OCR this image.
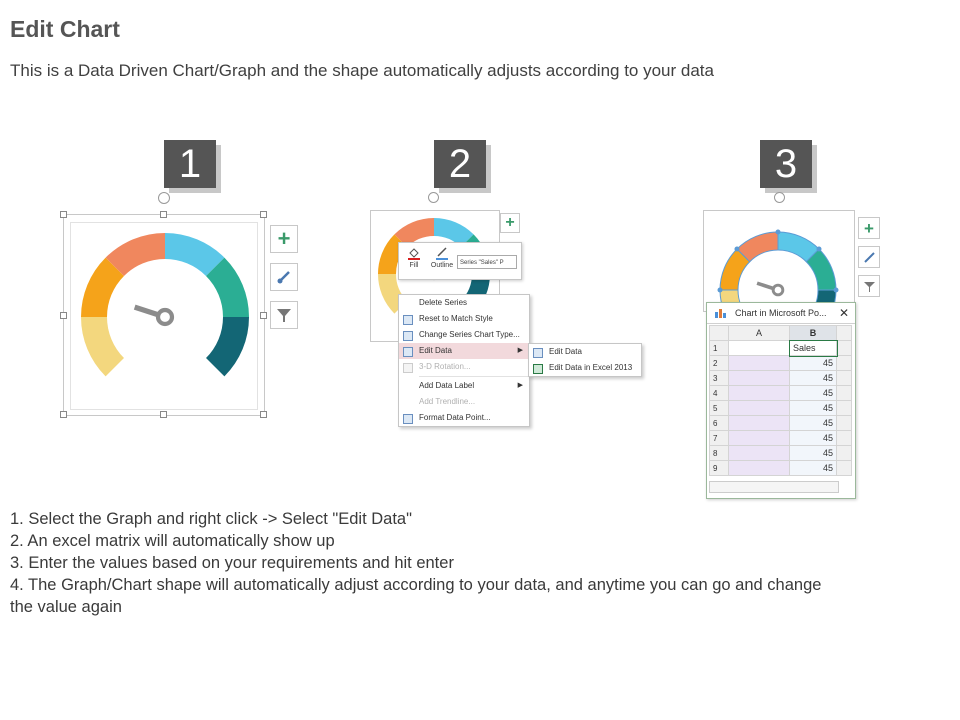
Edit Chart
This is a Data Driven Chart/Graph and the shape automatically adjusts according to your data
1	2	3
+
+
Fill	Outline	Series "Sales" P
Delete Series
Reset to Match Style
Change Series Chart Type...
Edit Data	▶
3-D Rotation...
Add Data Label	▶
Add Trendline...
Format Data Point...
Edit Data
Edit Data in Excel 2013
+
Chart in Microsoft Po... ✕
	A	B	
1		Sales	
2		45	
3		45	
4		45	
5		45	
6		45	
7		45	
8		45	
9		45	
1. Select the Graph and right click -> Select "Edit Data"
2. An excel matrix will automatically show up
3. Enter the values based on your requirements and hit enter
4. The Graph/Chart shape will automatically adjust according to your data, and anytime you can go and change
the value again
